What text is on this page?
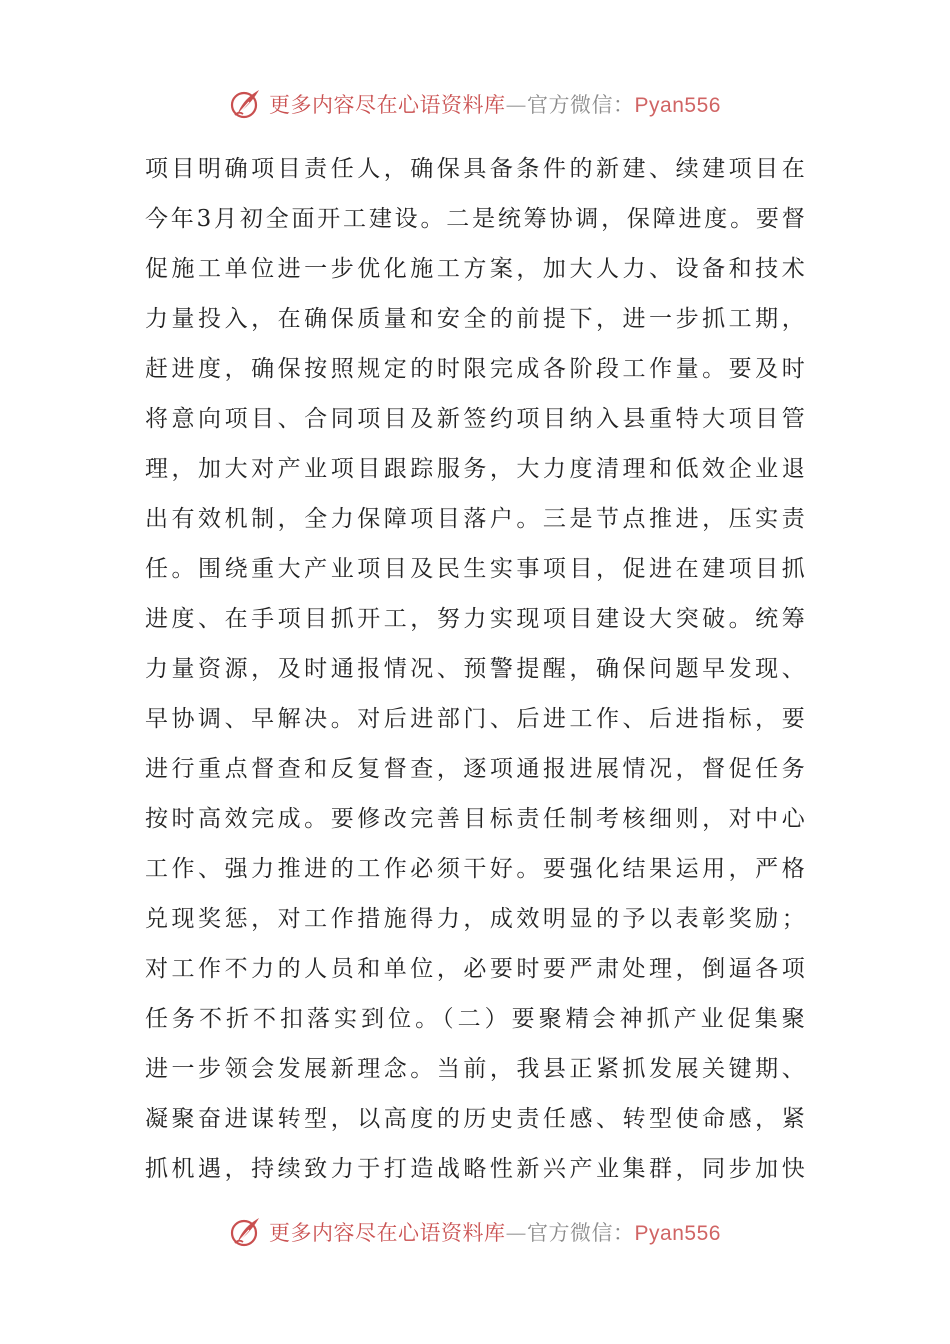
更多内容尽在心语资料库—官方微信：Pyan556
项目明确项目责任人，确保具备条件的新建、续建项目在
今年3月初全面开工建设。二是统筹协调，保障进度。要督
促施工单位进一步优化施工方案，加大人力、设备和技术
力量投入，在确保质量和安全的前提下，进一步抓工期，
赶进度，确保按照规定的时限完成各阶段工作量。要及时
将意向项目、合同项目及新签约项目纳入县重特大项目管
理，加大对产业项目跟踪服务，大力度清理和低效企业退
出有效机制，全力保障项目落户。三是节点推进，压实责
任。围绕重大产业项目及民生实事项目，促进在建项目抓
进度、在手项目抓开工，努力实现项目建设大突破。统筹
力量资源，及时通报情况、预警提醒，确保问题早发现、
早协调、早解决。对后进部门、后进工作、后进指标，要
进行重点督查和反复督查，逐项通报进展情况，督促任务
按时高效完成。要修改完善目标责任制考核细则，对中心
工作、强力推进的工作必须干好。要强化结果运用，严格
兑现奖惩，对工作措施得力，成效明显的予以表彰奖励；
对工作不力的人员和单位，必要时要严肃处理，倒逼各项
任务不折不扣落实到位。（二）要聚精会神抓产业促集聚
进一步领会发展新理念。当前，我县正紧抓发展关键期、
凝聚奋进谋转型，以高度的历史责任感、转型使命感，紧
抓机遇，持续致力于打造战略性新兴产业集群，同步加快
更多内容尽在心语资料库—官方微信：Pyan556
